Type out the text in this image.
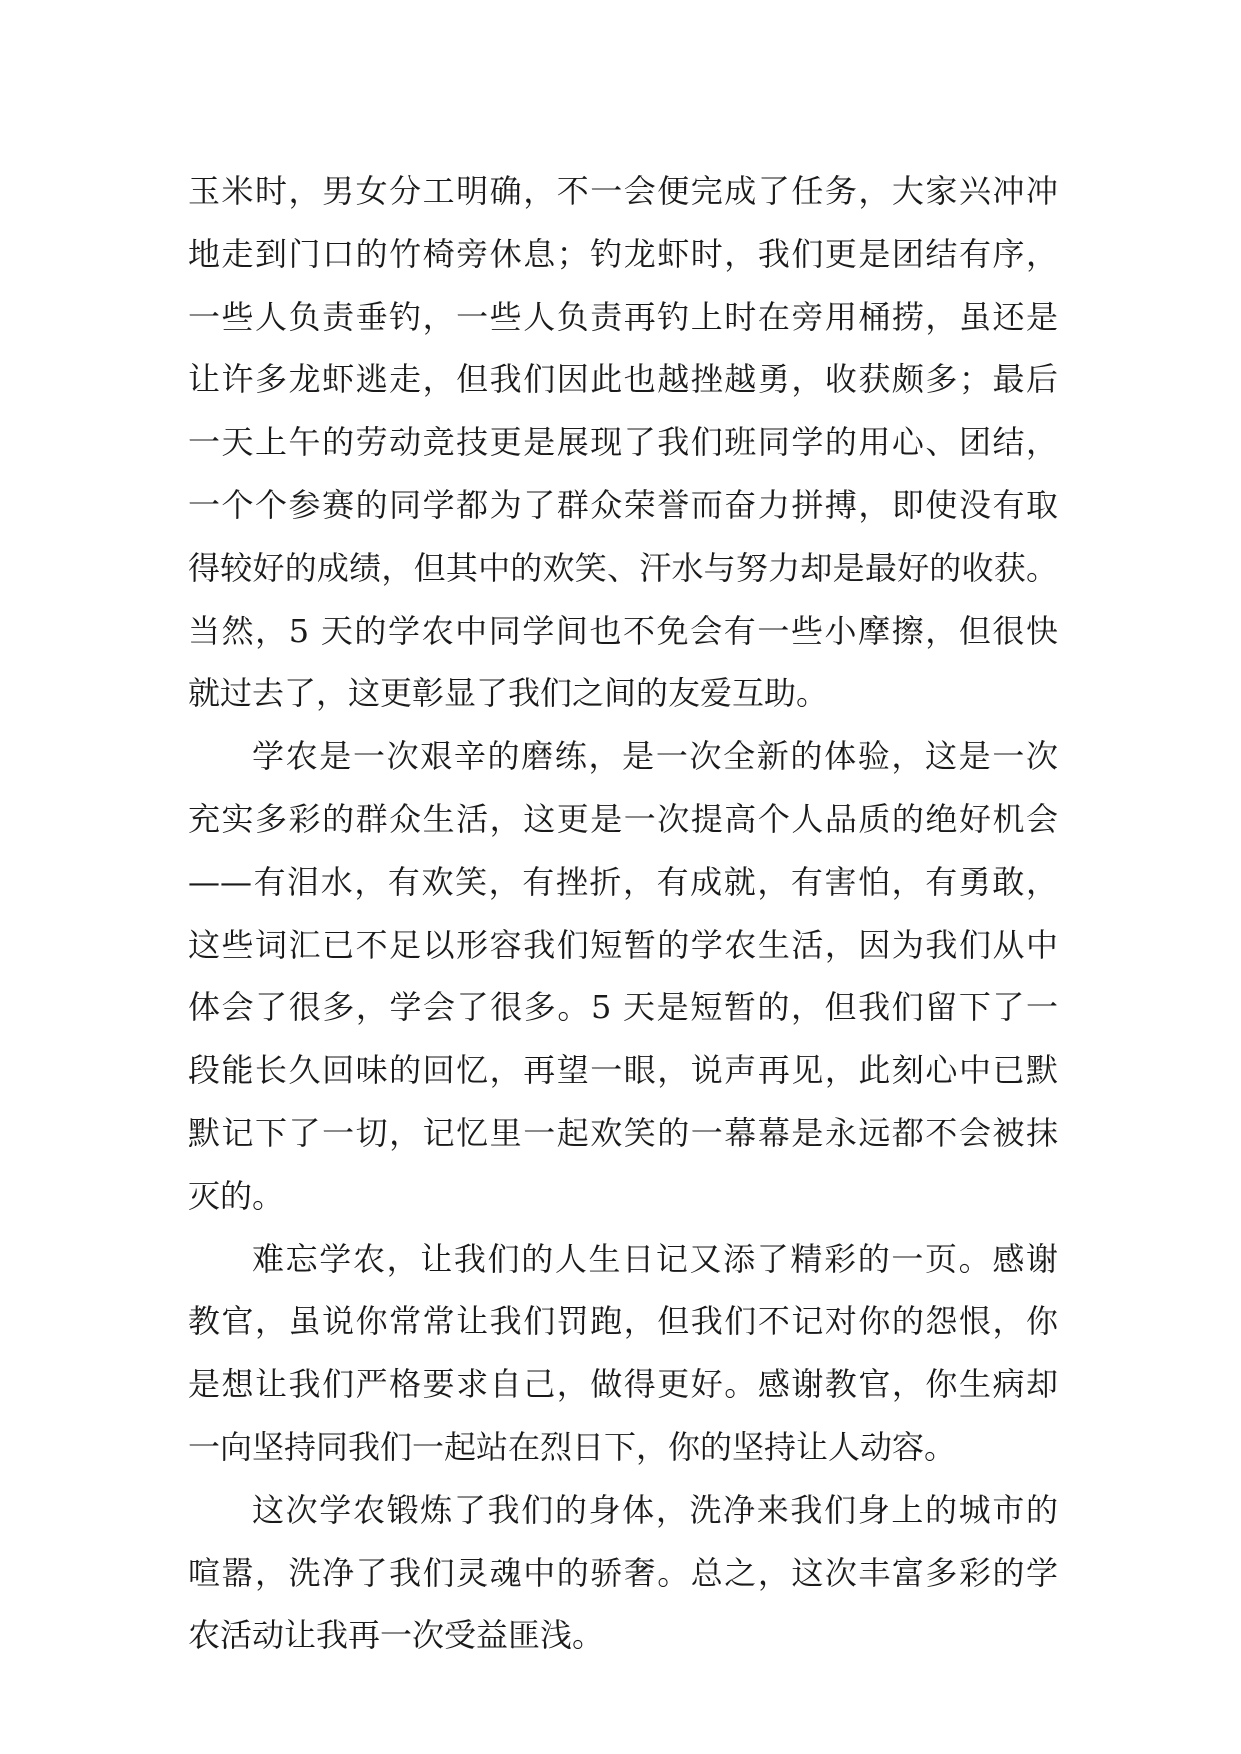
玉米时，男女分工明确，不一会便完成了任务，大家兴冲冲
地走到门口的竹椅旁休息；钓龙虾时，我们更是团结有序，
一些人负责垂钓，一些人负责再钓上时在旁用桶捞，虽还是
让许多龙虾逃走，但我们因此也越挫越勇，收获颇多；最后
一天上午的劳动竞技更是展现了我们班同学的用心、团结，
一个个参赛的同学都为了群众荣誉而奋力拼搏，即使没有取
得较好的成绩，但其中的欢笑、汗水与努力却是最好的收获。
当然，5 天的学农中同学间也不免会有一些小摩擦，但很快
就过去了，这更彰显了我们之间的友爱互助。
学农是一次艰辛的磨练，是一次全新的体验，这是一次
充实多彩的群众生活，这更是一次提高个人品质的绝好机会
——有泪水，有欢笑，有挫折，有成就，有害怕，有勇敢，
这些词汇已不足以形容我们短暂的学农生活，因为我们从中
体会了很多，学会了很多。5 天是短暂的，但我们留下了一
段能长久回味的回忆，再望一眼，说声再见，此刻心中已默
默记下了一切，记忆里一起欢笑的一幕幕是永远都不会被抹
灭的。
难忘学农，让我们的人生日记又添了精彩的一页。感谢
教官，虽说你常常让我们罚跑，但我们不记对你的怨恨，你
是想让我们严格要求自己，做得更好。感谢教官，你生病却
一向坚持同我们一起站在烈日下，你的坚持让人动容。
这次学农锻炼了我们的身体，洗净来我们身上的城市的
喧嚣，洗净了我们灵魂中的骄奢。总之，这次丰富多彩的学
农活动让我再一次受益匪浅。
